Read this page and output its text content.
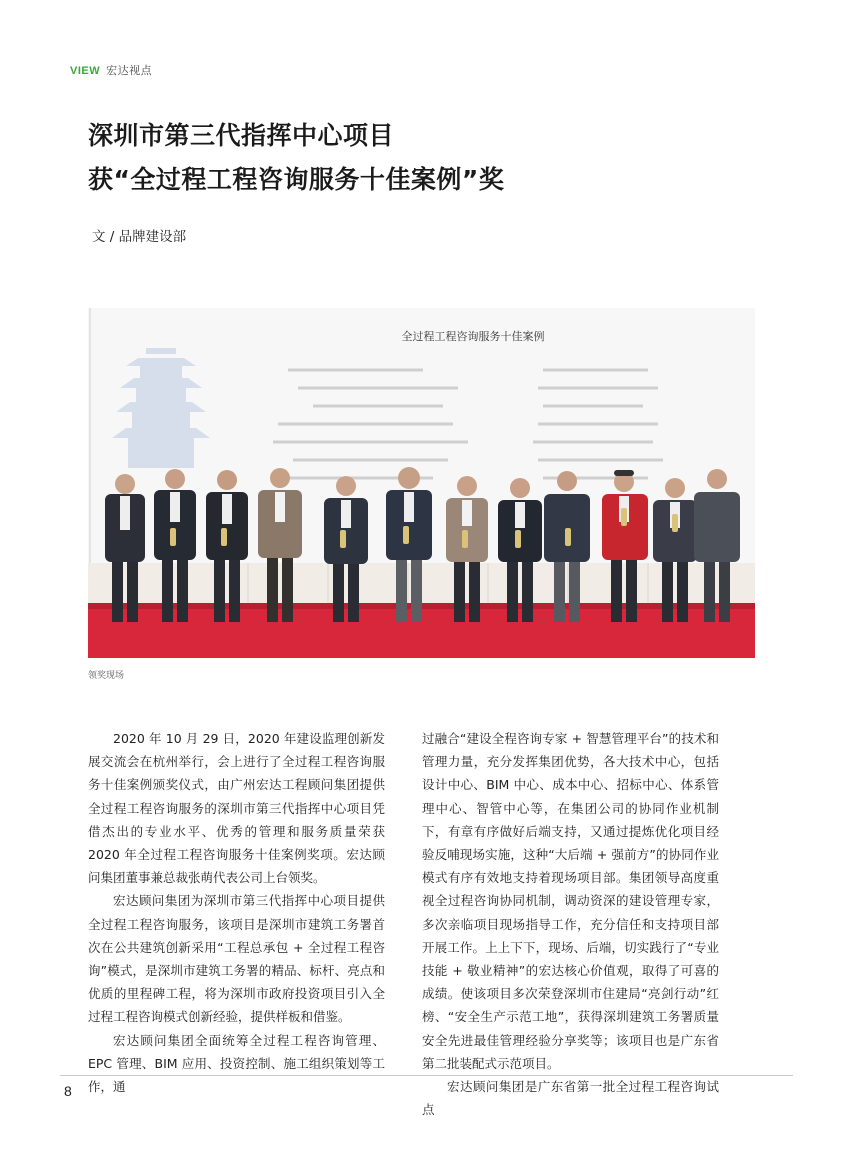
VIEW 宏达视点
深圳市第三代指挥中心项目
获“全过程工程咨询服务十佳案例”奖
文 / 品牌建设部
全过程工程咨询服务十佳案例
领奖现场

2020 年 10 月 29 日，2020 年建设监理创新发展交流会在杭州举行，会上进行了全过程工程咨询服务十佳案例颁奖仪式，由广州宏达工程顾问集团提供全过程工程咨询服务的深圳市第三代指挥中心项目凭借杰出的专业水平、优秀的管理和服务质量荣获 2020 年全过程工程咨询服务十佳案例奖项。宏达顾问集团董事兼总裁张萌代表公司上台领奖。

宏达顾问集团为深圳市第三代指挥中心项目提供全过程工程咨询服务，该项目是深圳市建筑工务署首次在公共建筑创新采用“工程总承包 + 全过程工程咨询”模式，是深圳市建筑工务署的精品、标杆、亮点和优质的里程碑工程，将为深圳市政府投资项目引入全过程工程咨询模式创新经验，提供样板和借鉴。

宏达顾问集团全面统筹全过程工程咨询管理、EPC 管理、BIM 应用、投资控制、施工组织策划等工作，通

过融合“建设全程咨询专家 + 智慧管理平台”的技术和管理力量，充分发挥集团优势，各大技术中心，包括设计中心、BIM 中心、成本中心、招标中心、体系管理中心、智管中心等，在集团公司的协同作业机制下，有章有序做好后端支持，又通过提炼优化项目经验反哺现场实施，这种“大后端 + 强前方”的协同作业模式有序有效地支持着现场项目部。集团领导高度重视全过程咨询协同机制，调动资深的建设管理专家，多次亲临项目现场指导工作，充分信任和支持项目部开展工作。上上下下，现场、后端，切实践行了“专业技能 + 敬业精神”的宏达核心价值观，取得了可喜的成绩。使该项目多次荣登深圳市住建局“亮剑行动”红榜、“安全生产示范工地”，获得深圳建筑工务署质量安全先进最佳管理经验分享奖等；该项目也是广东省第二批装配式示范项目。

宏达顾问集团是广东省第一批全过程工程咨询试点

8
